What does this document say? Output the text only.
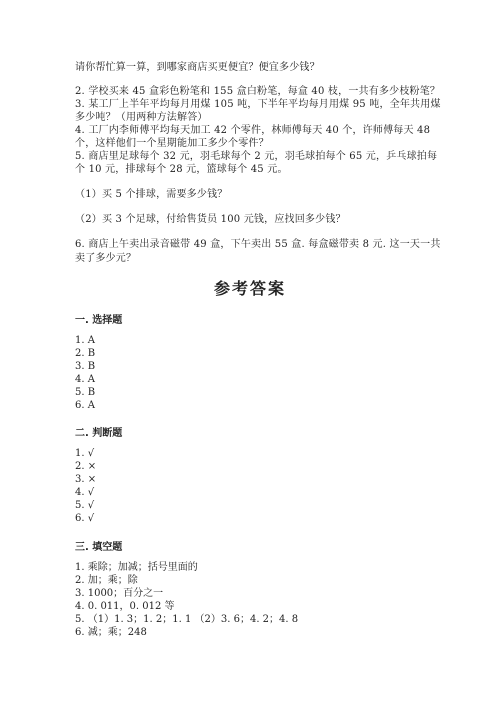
请你帮忙算一算，到哪家商店买更便宜？便宜多少钱？
2. 学校买来 45 盒彩色粉笔和 155 盒白粉笔，每盒 40 枝，一共有多少枝粉笔？
3. 某工厂上半年平均每月用煤 105 吨，下半年平均每月用煤 95 吨，全年共用煤
多少吨？（用两种方法解答）
4. 工厂内李师傅平均每天加工 42 个零件，林师傅每天 40 个，许师傅每天 48
个，这样他们一个星期能加工多少个零件？
5. 商店里足球每个 32 元，羽毛球每个 2 元，羽毛球拍每个 65 元，乒乓球拍每
个 10 元，排球每个 28 元，篮球每个 45 元。
（1）买 5 个排球，需要多少钱？
（2）买 3 个足球，付给售货员 100 元钱，应找回多少钱？
6. 商店上午卖出录音磁带 49 盒，下午卖出 55 盒. 每盒磁带卖 8 元. 这一天一共
卖了多少元？
参考答案
一. 选择题
1. A
2. B
3. B
4. A
5. B
6. A
二. 判断题
1. √
2. ×
3. ×
4. √
5. √
6. √
三. 填空题
1. 乘除；加减；括号里面的
2. 加；乘；除
3. 1000；百分之一
4. 0. 011，0. 012 等
5. （1）1. 3；1. 2；1. 1 （2）3. 6；4. 2；4. 8
6. 减；乘；248
